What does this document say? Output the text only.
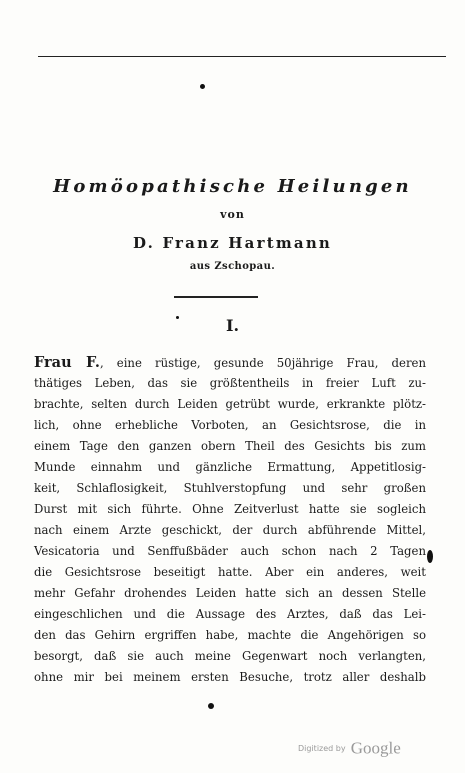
Homöopathische Heilungen
von
D. Franz Hartmann
aus Zschopau.
I.
Frau F., eine rüstige, gesunde 50jährige Frau, deren
thätiges Leben, das sie größtentheils in freier Luft zu-
brachte, selten durch Leiden getrübt wurde, erkrankte plötz-
lich, ohne erhebliche Vorboten, an Gesichtsrose, die in
einem Tage den ganzen obern Theil des Gesichts bis zum
Munde einnahm und gänzliche Ermattung, Appetitlosig-
keit, Schlaflosigkeit, Stuhlverstopfung und sehr großen
Durst mit sich führte. Ohne Zeitverlust hatte sie sogleich
nach einem Arzte geschickt, der durch abführende Mittel,
Vesicatoria und Senffußbäder auch schon nach 2 Tagen
die Gesichtsrose beseitigt hatte. Aber ein anderes, weit
mehr Gefahr drohendes Leiden hatte sich an dessen Stelle
eingeschlichen und die Aussage des Arztes, daß das Lei-
den das Gehirn ergriffen habe, machte die Angehörigen so
besorgt, daß sie auch meine Gegenwart noch verlangten,
ohne mir bei meinem ersten Besuche, trotz aller deshalb
Digitized by Google
